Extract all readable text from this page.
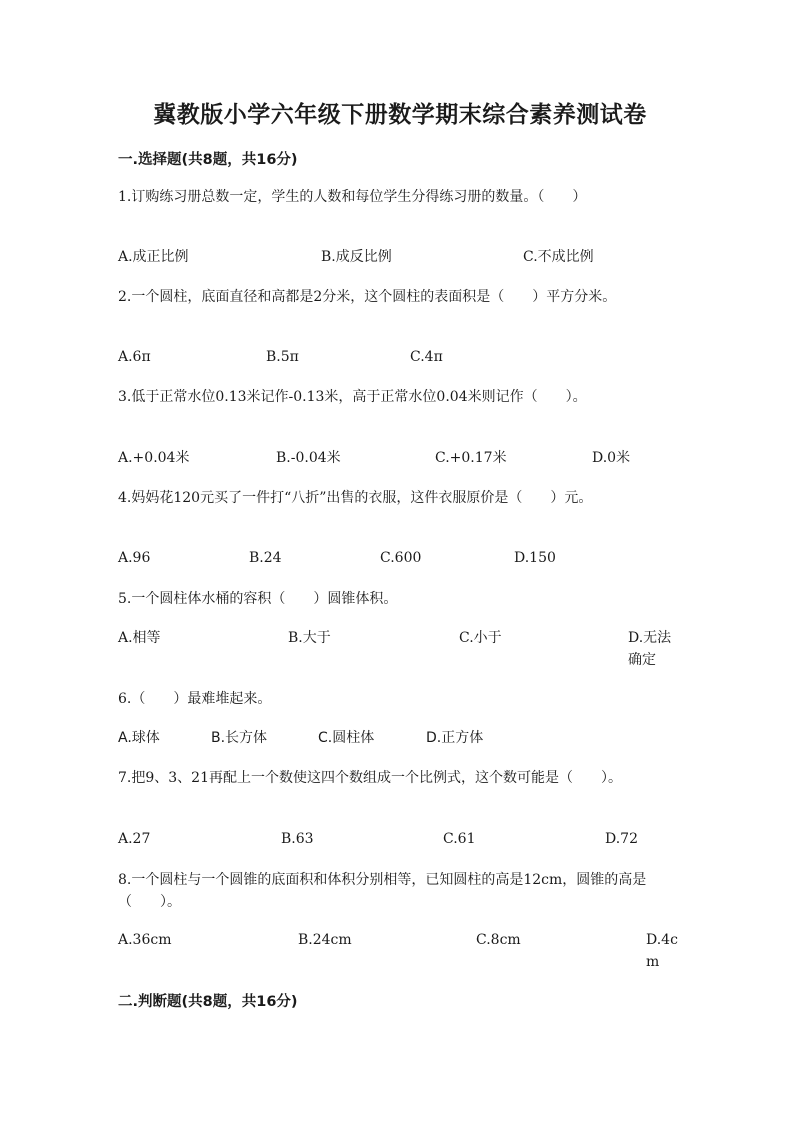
冀教版小学六年级下册数学期末综合素养测试卷
一.选择题(共8题，共16分)
1.订购练习册总数一定，学生的人数和每位学生分得练习册的数量。（　　）
A.成正比例	B.成反比例	C.不成比例
2.一个圆柱，底面直径和高都是2分米，这个圆柱的表面积是（　　）平方分米。
A.6π	B.5π	C.4π
3.低于正常水位0.13米记作-0.13米，高于正常水位0.04米则记作（　　）。
A.+0.04米	B.-0.04米	C.+0.17米	D.0米
4.妈妈花120元买了一件打“八折”出售的衣服，这件衣服原价是（　　）元。
A.96	B.24	C.600	D.150
5.一个圆柱体水桶的容积（　　）圆锥体积。
A.相等	B.大于	C.小于	D.无法确定
6.（　　）最难堆起来。
A.球体	B.长方体	C.圆柱体	D.正方体
7.把9、3、21再配上一个数使这四个数组成一个比例式，这个数可能是（　　）。
A.27	B.63	C.61	D.72
8.一个圆柱与一个圆锥的底面积和体积分别相等，已知圆柱的高是12cm，圆锥的高是（　　）。
A.36cm	B.24cm	C.8cm	D.4cm
二.判断题(共8题，共16分)
